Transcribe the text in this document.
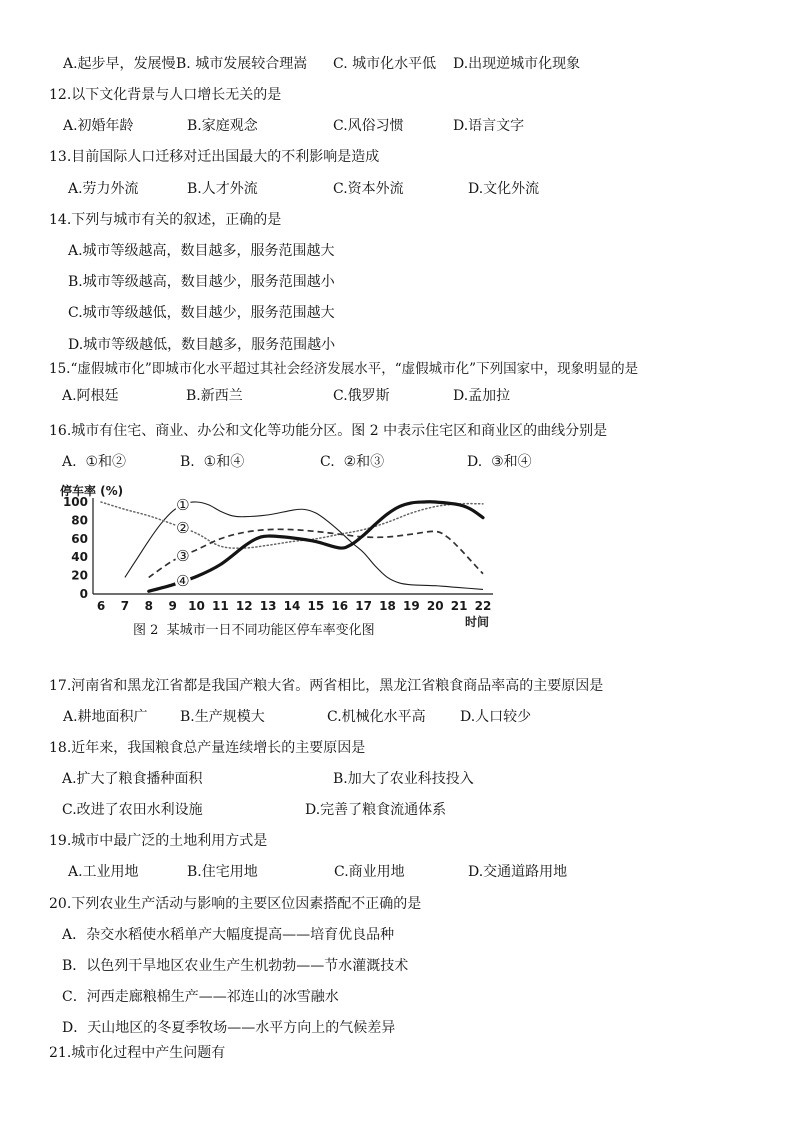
A.起步早，发展慢 B. 城市发展较合理嵩 C. 城市化水平低 D.出现逆城市化现象
12.以下文化背景与人口增长无关的是
A.初婚年龄	B.家庭观念	C.风俗习惯	D.语言文字
13.目前国际人口迁移对迁出国最大的不利影响是造成
A.劳力外流	B.人才外流	C.资本外流	D.文化外流
14.下列与城市有关的叙述，正确的是
A.城市等级越高，数目越多，服务范围越大
B.城市等级越高，数目越少，服务范围越小
C.城市等级越低，数目越少，服务范围越大
D.城市等级越低，数目越多，服务范围越小
15.“虚假城市化”即城市化水平超过其社会经济发展水平，“虚假城市化”下列国家中，现象明显的是
A.阿根廷	B.新西兰	C.俄罗斯	D.孟加拉
16.城市有住宅、商业、办公和文化等功能分区。图 2 中表示住宅区和商业区的曲线分别是
A.  ①和②	B.  ①和④	C.  ②和③	D.  ③和④
停车率 (%)
0
20
40
60
80
100
6 7 8 9 10 11 12 13 14 15 16 17 18 19 20 21 22
①
②
③
④
时间
图 2  某城市一日不同功能区停车率变化图
17.河南省和黑龙江省都是我国产粮大省。两省相比，黑龙江省粮食商品率高的主要原因是
A.耕地面积广 B.生产规模大	C.机械化水平高 D.人口较少
18.近年来，我国粮食总产量连续增长的主要原因是
A.扩大了粮食播种面积	B.加大了农业科技投入
C.改进了农田水利设施	D.完善了粮食流通体系
19.城市中最广泛的土地利用方式是
A.工业用地	B.住宅用地	C.商业用地	D.交通道路用地
20.下列农业生产活动与影响的主要区位因素搭配不正确的是
A．杂交水稻使水稻单产大幅度提高——培育优良品种
B．以色列干旱地区农业生产生机勃勃——节水灌溉技术
C．河西走廊粮棉生产——祁连山的冰雪融水
D．天山地区的冬夏季牧场——水平方向上的气候差异
21.城市化过程中产生问题有
